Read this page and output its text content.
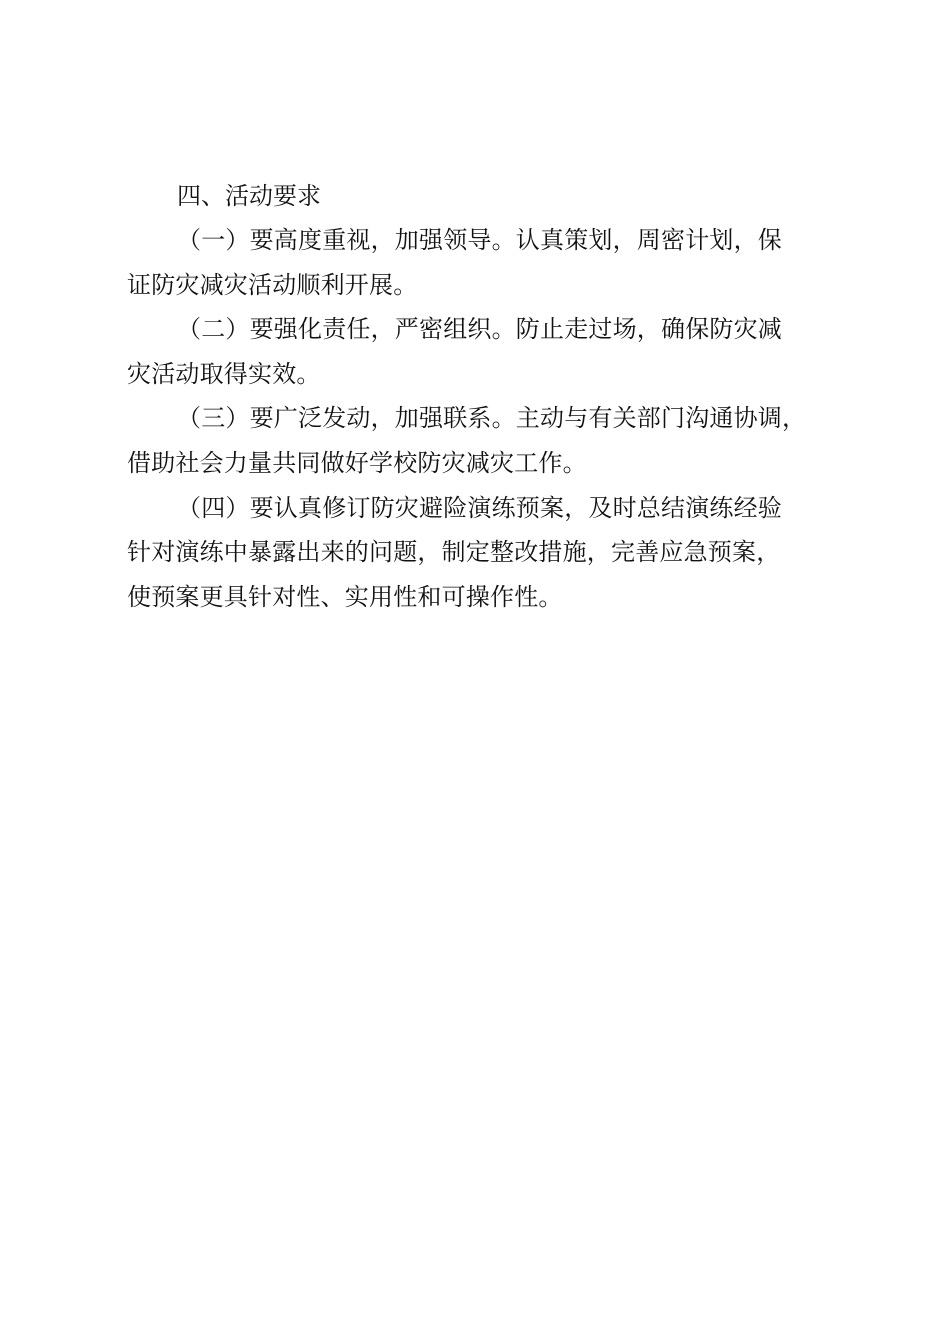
四、活动要求

（一）要高度重视，加强领导。认真策划，周密计划，保

证防灾减灾活动顺利开展。

（二）要强化责任，严密组织。防止走过场，确保防灾减

灾活动取得实效。

（三）要广泛发动，加强联系。主动与有关部门沟通协调，

借助社会力量共同做好学校防灾减灾工作。

（四）要认真修订防灾避险演练预案，及时总结演练经验

针对演练中暴露出来的问题，制定整改措施，完善应急预案，

使预案更具针对性、实用性和可操作性。
